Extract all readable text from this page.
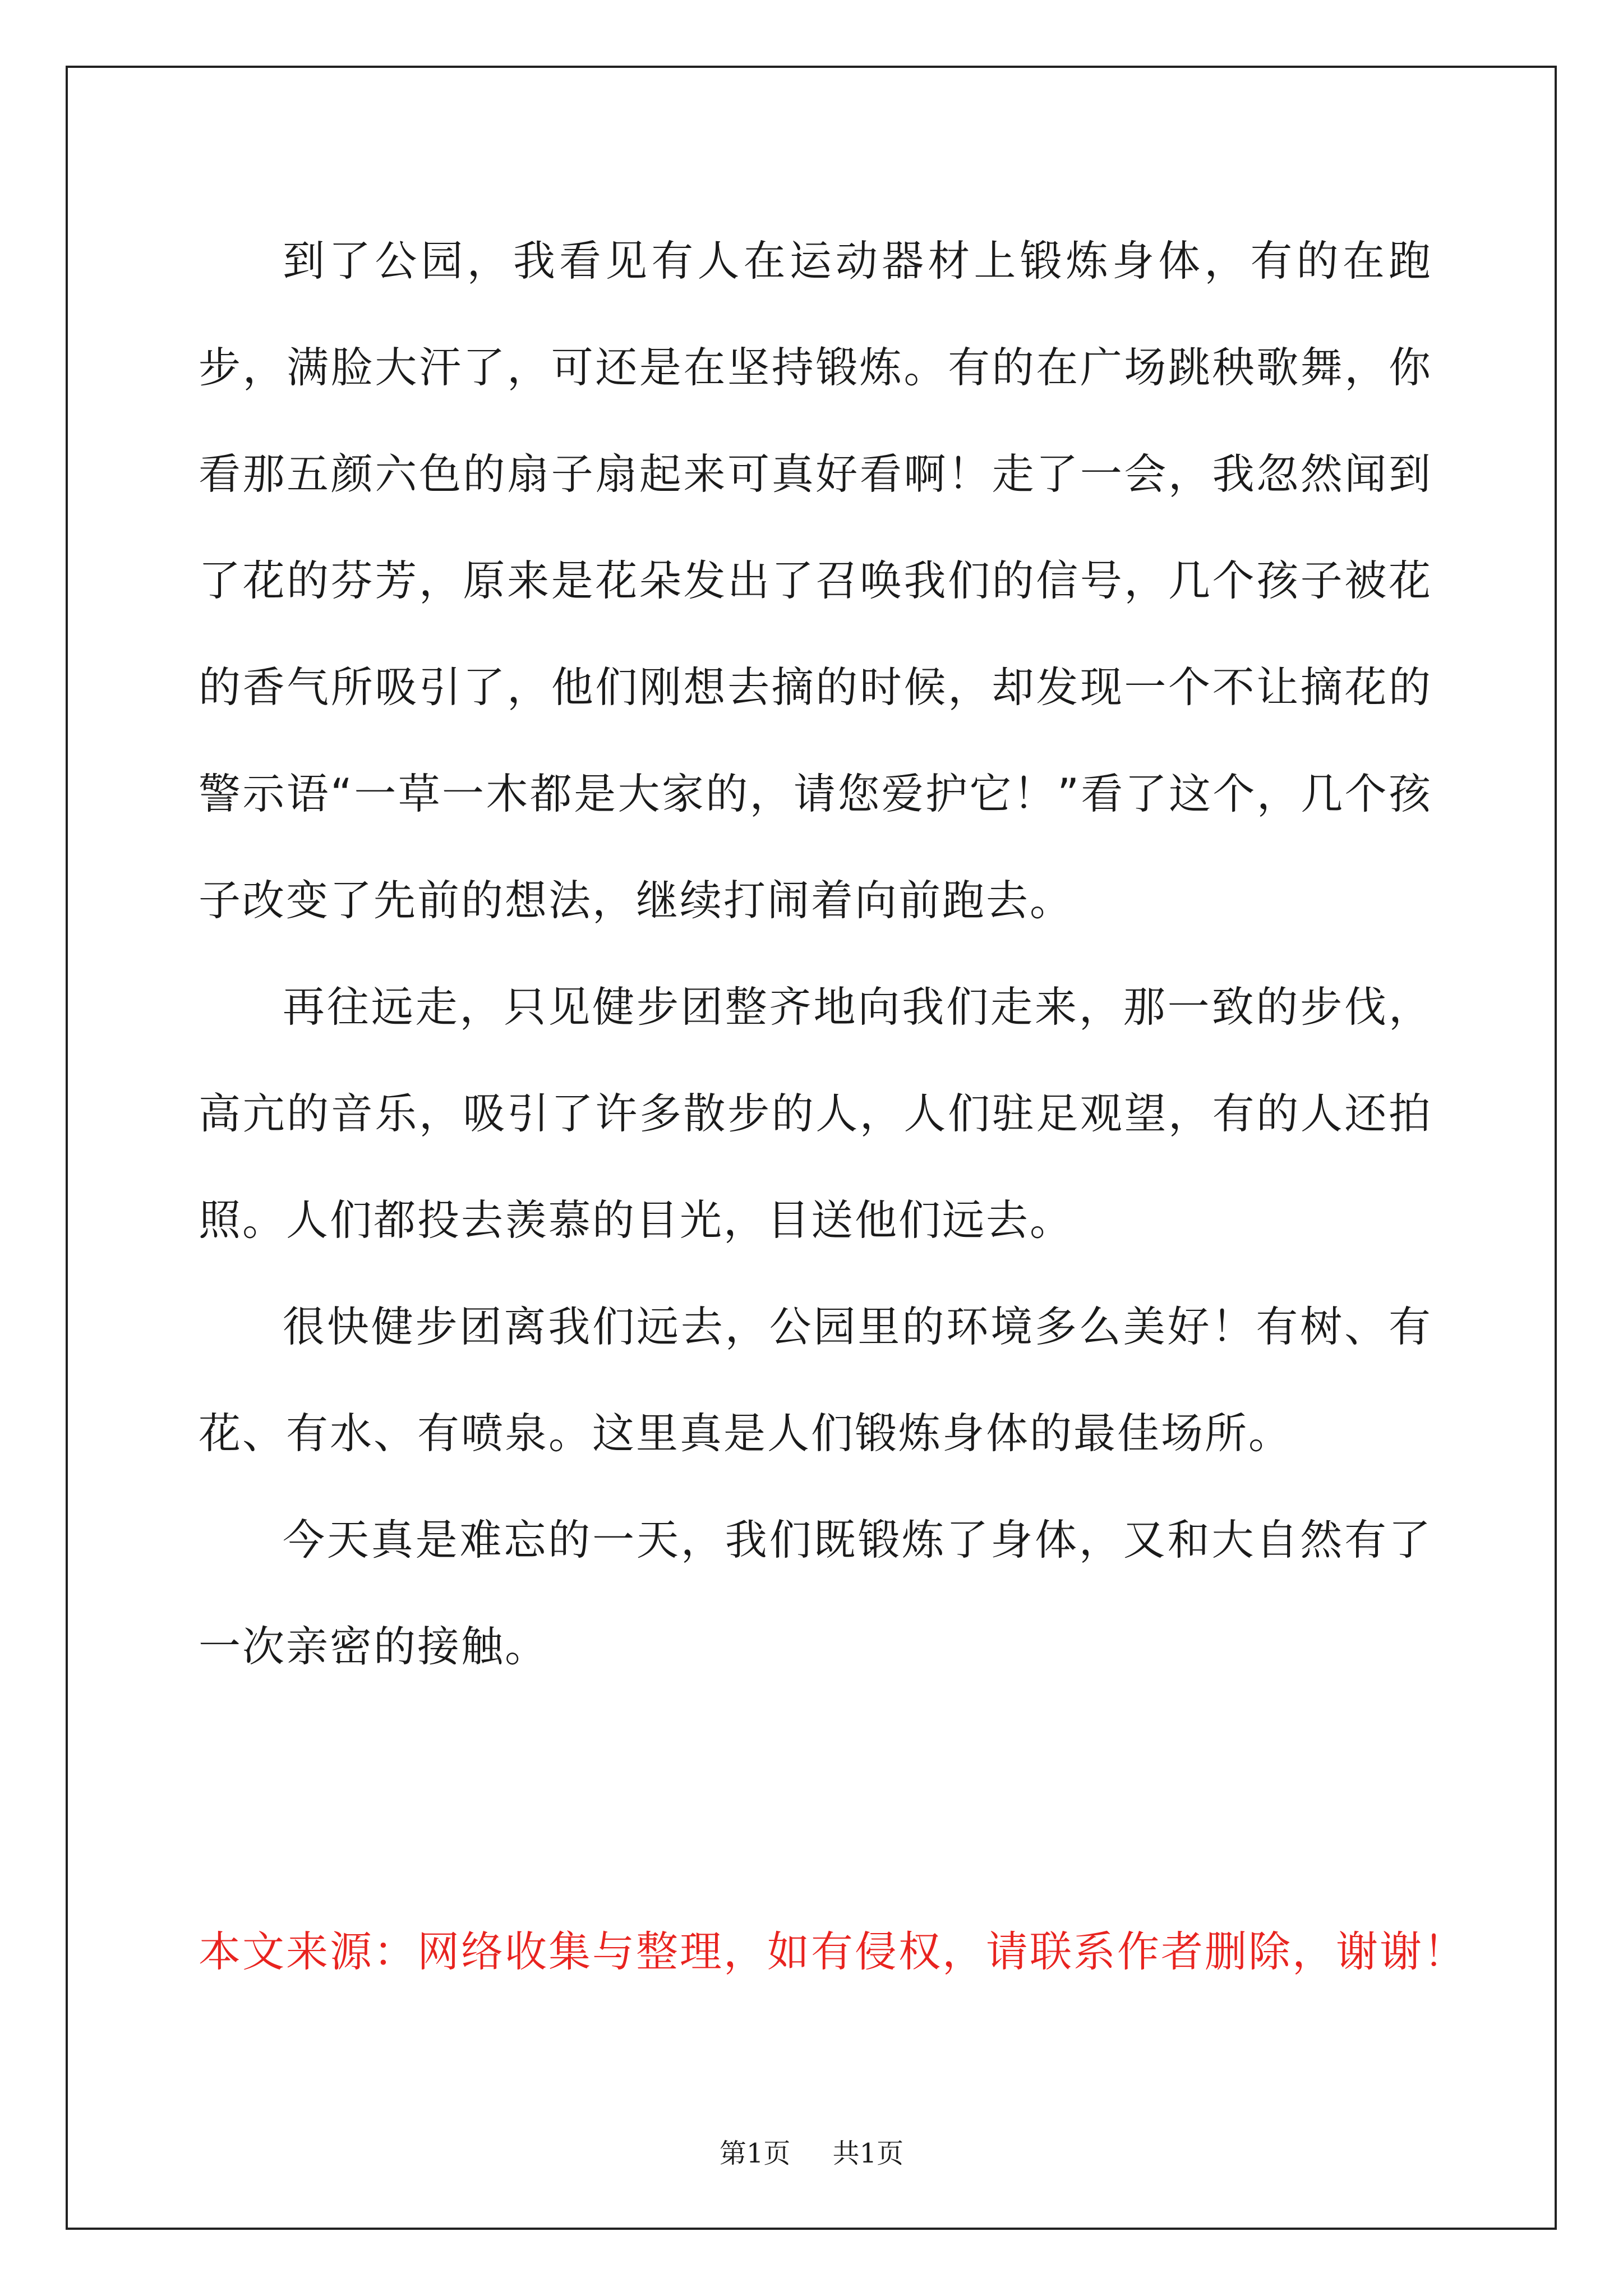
到了公园，我看见有人在运动器材上锻炼身体，有的在跑步，满脸大汗了，可还是在坚持锻炼。有的在广场跳秧歌舞，你看那五颜六色的扇子扇起来可真好看啊！走了一会，我忽然闻到了花的芬芳，原来是花朵发出了召唤我们的信号，几个孩子被花的香气所吸引了，他们刚想去摘的时候，却发现一个不让摘花的警示语“一草一木都是大家的，请您爱护它！”看了这个，几个孩子改变了先前的想法，继续打闹着向前跑去。

再往远走，只见健步团整齐地向我们走来，那一致的步伐，高亢的音乐，吸引了许多散步的人，人们驻足观望，有的人还拍照。人们都投去羡慕的目光，目送他们远去。

很快健步团离我们远去，公园里的环境多么美好！有树、有花、有水、有喷泉。这里真是人们锻炼身体的最佳场所。

今天真是难忘的一天，我们既锻炼了身体，又和大自然有了一次亲密的接触。

本文来源：网络收集与整理，如有侵权，请联系作者删除，谢谢！

第1页 共1页
